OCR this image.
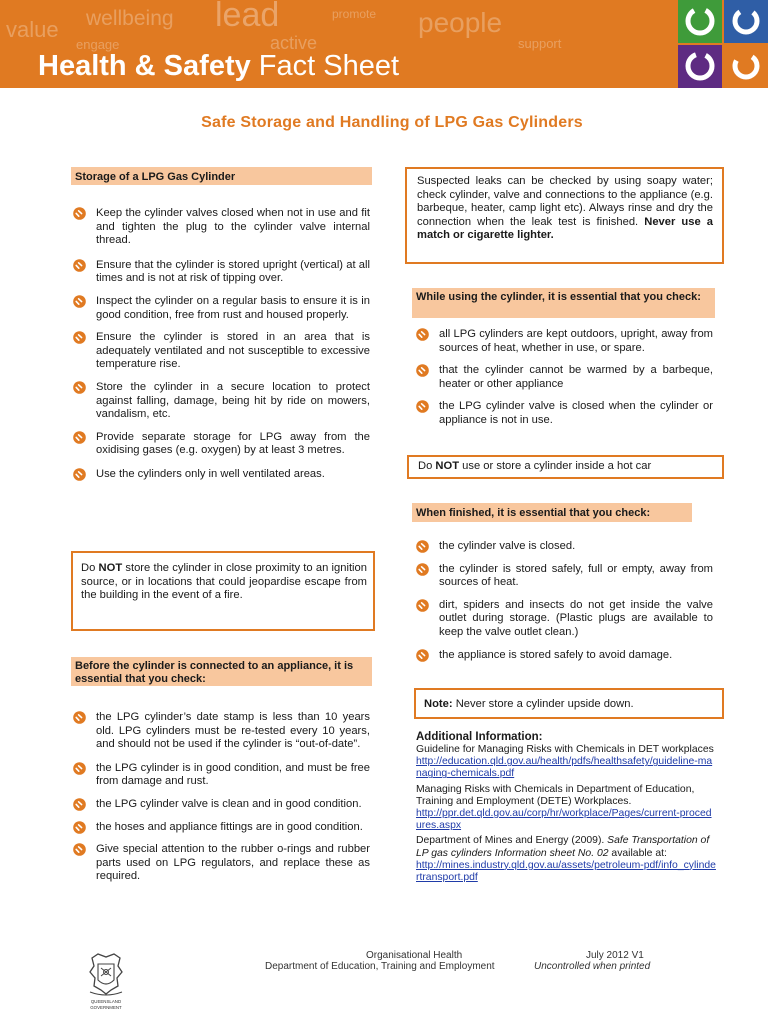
value wellbeing
engage
lead
active
promote people
support
Health & Safety Fact Sheet
Safe Storage and Handling of LPG Gas Cylinders
Storage of a LPG Gas Cylinder
Keep the cylinder valves closed when not in use and fit and tighten the plug to the cylinder valve internal thread.
Ensure that the cylinder is stored upright (vertical) at all times and is not at risk of tipping over.
Inspect the cylinder on a regular basis to ensure it is in good condition, free from rust and housed properly.
Ensure the cylinder is stored in an area that is adequately ventilated and not susceptible to excessive temperature rise.
Store the cylinder in a secure location to protect against falling, damage, being hit by ride on mowers, vandalism, etc.
Provide separate storage for LPG away from the oxidising gases (e.g. oxygen) by at least 3 metres.
Use the cylinders only in well ventilated areas.
Do NOT store the cylinder in close proximity to an ignition source, or in locations that could jeopardise escape from the building in the event of a fire.
Before the cylinder is connected to an appliance, it is essential that you check:
the LPG cylinder’s date stamp is less than 10 years old. LPG cylinders must be re-tested every 10 years, and should not be used if the cylinder is “out-of-date”.
the LPG cylinder is in good condition, and must be free from damage and rust.
the LPG cylinder valve is clean and in good condition.
the hoses and appliance fittings are in good condition.
Give special attention to the rubber o-rings and rubber parts used on LPG regulators, and replace these as required.
Suspected leaks can be checked by using soapy water; check cylinder, valve and connections to the appliance (e.g. barbeque, heater, camp light etc). Always rinse and dry the connection when the leak test is finished. Never use a match or cigarette lighter.
While using the cylinder, it is essential that you check:
all LPG cylinders are kept outdoors, upright, away from sources of heat, whether in use, or spare.
that the cylinder cannot be warmed by a barbeque, heater or other appliance
the LPG cylinder valve is closed when the cylinder or appliance is not in use.
Do NOT use or store a cylinder inside a hot car
When finished, it is essential that you check:
the cylinder valve is closed.
the cylinder is stored safely, full or empty, away from sources of heat.
dirt, spiders and insects do not get inside the valve outlet during storage. (Plastic plugs are available to keep the valve outlet clean.)
the appliance is stored safely to avoid damage.
Note: Never store a cylinder upside down.
Additional Information:
Guideline for Managing Risks with Chemicals in DET workplaces
http://education.qld.gov.au/health/pdfs/healthsafety/guideline-managing-chemicals.pdf
Managing Risks with Chemicals in Department of Education, Training and Employment (DETE) Workplaces.
http://ppr.det.qld.gov.au/corp/hr/workplace/Pages/current-procedures.aspx
Department of Mines and Energy (2009). Safe Transportation of LP gas cylinders Information sheet No. 02 available at:
http://mines.industry.qld.gov.au/assets/petroleum-pdf/info_cylindertransport.pdf
QUEENSLAND
GOVERNMENT
Organisational Health
Department of Education, Training and Employment
July 2012 V1
Uncontrolled when printed
